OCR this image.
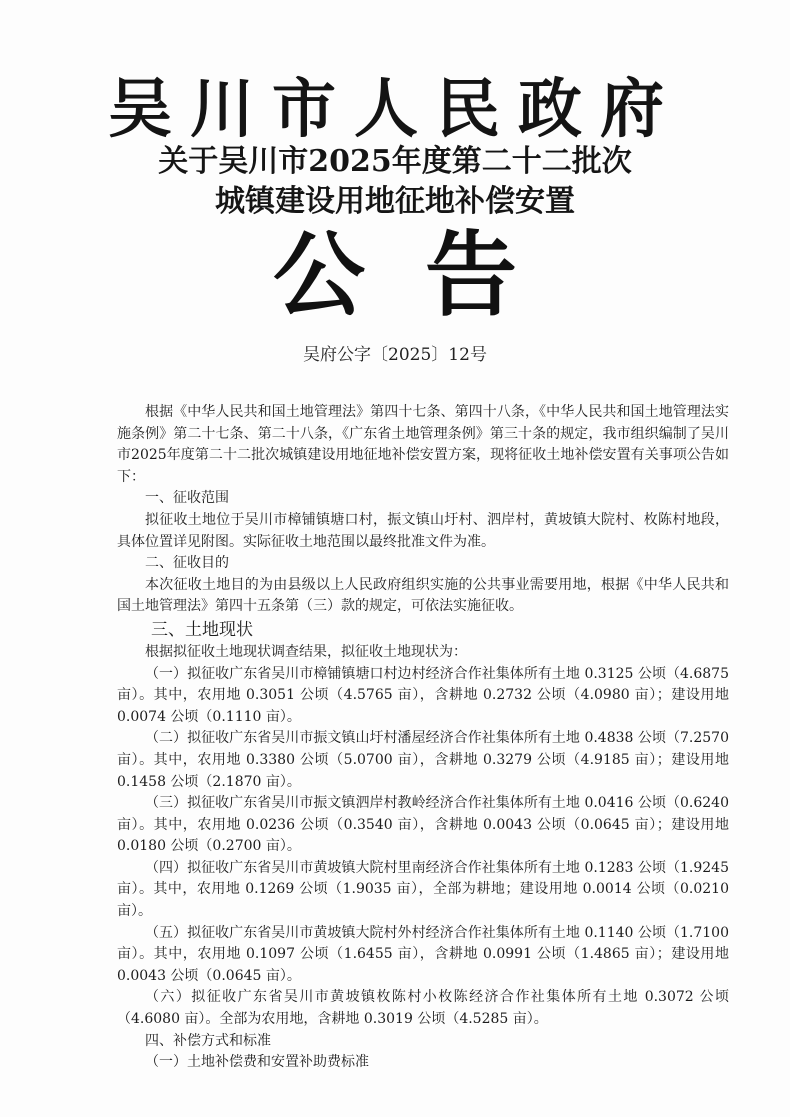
吴川市人民政府
关于吴川市2025年度第二十二批次
城镇建设用地征地补偿安置
公告
吴府公字〔2025〕12号

根据《中华人民共和国土地管理法》第四十七条、第四十八条，《中华人民共和国土地管理法实施条例》第二十七条、第二十八条，《广东省土地管理条例》第三十条的规定，我市组织编制了吴川市2025年度第二十二批次城镇建设用地征地补偿安置方案，现将征收土地补偿安置有关事项公告如下：

一、征收范围

拟征收土地位于吴川市樟铺镇塘口村，振文镇山圩村、泗岸村，黄坡镇大院村、枚陈村地段，具体位置详见附图。实际征收土地范围以最终批准文件为准。

二、征收目的

本次征收土地目的为由县级以上人民政府组织实施的公共事业需要用地，根据《中华人民共和国土地管理法》第四十五条第（三）款的规定，可依法实施征收。

三、土地现状

根据拟征收土地现状调查结果，拟征收土地现状为：

（一）拟征收广东省吴川市樟铺镇塘口村边村经济合作社集体所有土地 0.3125 公顷（4.6875 亩）。其中，农用地 0.3051 公顷（4.5765 亩），含耕地 0.2732 公顷（4.0980 亩）；建设用地 0.0074 公顷（0.1110 亩）。

（二）拟征收广东省吴川市振文镇山圩村潘屋经济合作社集体所有土地 0.4838 公顷（7.2570 亩）。其中，农用地 0.3380 公顷（5.0700 亩），含耕地 0.3279 公顷（4.9185 亩）；建设用地 0.1458 公顷（2.1870 亩）。

（三）拟征收广东省吴川市振文镇泗岸村教岭经济合作社集体所有土地 0.0416 公顷（0.6240 亩）。其中，农用地 0.0236 公顷（0.3540 亩），含耕地 0.0043 公顷（0.0645 亩）；建设用地 0.0180 公顷（0.2700 亩）。

（四）拟征收广东省吴川市黄坡镇大院村里南经济合作社集体所有土地 0.1283 公顷（1.9245 亩）。其中，农用地 0.1269 公顷（1.9035 亩），全部为耕地；建设用地 0.0014 公顷（0.0210 亩）。

（五）拟征收广东省吴川市黄坡镇大院村外村经济合作社集体所有土地 0.1140 公顷（1.7100 亩）。其中，农用地 0.1097 公顷（1.6455 亩），含耕地 0.0991 公顷（1.4865 亩）；建设用地 0.0043 公顷（0.0645 亩）。

（六）拟征收广东省吴川市黄坡镇枚陈村小枚陈经济合作社集体所有土地 0.3072 公顷（4.6080 亩）。全部为农用地，含耕地 0.3019 公顷（4.5285 亩）。

四、补偿方式和标准

（一）土地补偿费和安置补助费标准
